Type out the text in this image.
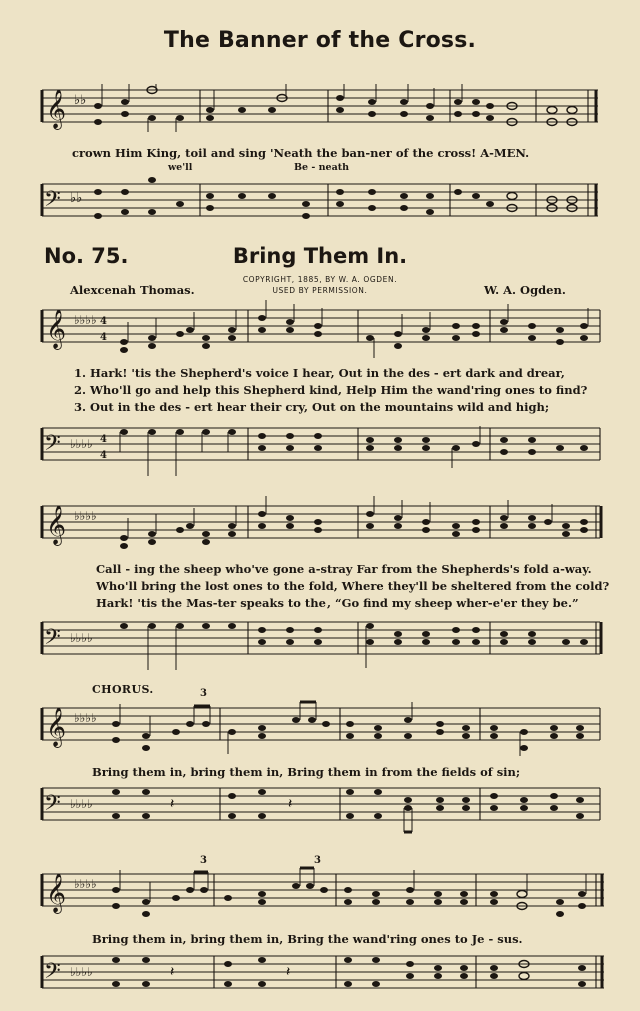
The Banner of the Cross.
𝄞 ♭♭
crown Him King, toil and sing 'Neath the ban-ner of the cross! A-MEN.
we'll	Be - neath
𝄢 ♭♭
No. 75.	Bring Them In.
COPYRIGHT, 1885, BY W. A. OGDEN.
USED BY PERMISSION.
Alexcenah Thomas.	W. A. Ogden.
𝄞 ♭♭♭♭ 4
4
1. Hark! 'tis the Shepherd's voice I hear, Out in the des - ert dark and drear,
2. Who'll go and help this Shepherd kind, Help Him the wand'ring ones to find?
3. Out in the des - ert hear their cry, Out on the mountains wild and high;
𝄢 ♭♭♭♭ 4
4
𝄞 ♭♭♭♭
Call - ing the sheep who've gone a-stray Far from the Shepherds's fold a-way.
Who'll bring the lost ones to the fold, Where they'll be sheltered from the cold?
Hark! 'tis the Mas-ter speaks to the , “Go find my sheep wher-e'er they be.”
𝄢 ♭♭♭♭
CHORUS.	3
𝄞 ♭♭♭♭
Bring them in, bring them in, Bring them in from the fields of sin;
𝄢 ♭♭♭♭	𝄽	𝄽
3	3
𝄞 ♭♭♭♭
Bring them in, bring them in, Bring the wand'ring ones to Je - sus.
𝄢 ♭♭♭♭	𝄽	𝄽
